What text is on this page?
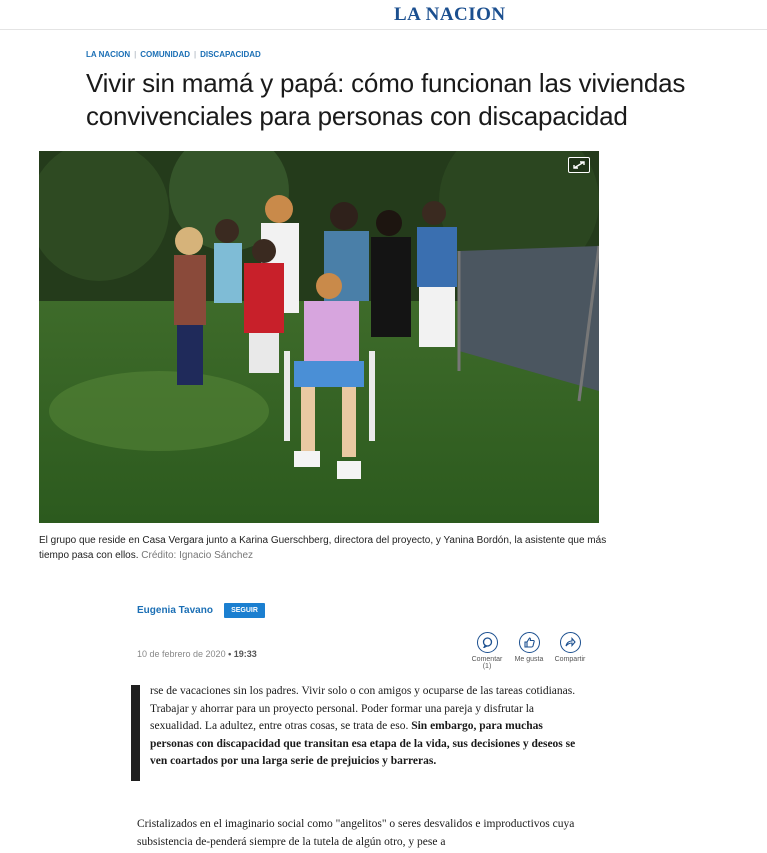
LA NACION
LA NACION | COMUNIDAD | DISCAPACIDAD
Vivir sin mamá y papá: cómo funcionan las viviendas convivenciales para personas con discapacidad

El grupo que reside en Casa Vergara junto a Karina Guerschberg, directora del proyecto, y Yanina Bordón, la asistente que más tiempo pasa con ellos. Crédito: Ignacio Sánchez

Eugenia Tavano	SEGUIR
10 de febrero de 2020 • 19:33
Comentar
(1)
Me gusta	Compartir

rse de vacaciones sin los padres. Vivir solo o con amigos y ocuparse de las tareas cotidianas. Trabajar y ahorrar para un proyecto personal. Poder formar una pareja y disfrutar la sexualidad. La adultez, entre otras cosas, se trata de eso. Sin embargo, para muchas personas con discapacidad que transitan esa etapa de la vida, sus decisiones y deseos se ven coartados por una larga serie de prejuicios y barreras.

Cristalizados en el imaginario social como "angelitos" o seres desvalidos e improductivos cuya subsistencia de-penderá siempre de la tutela de algún otro, y pese a
